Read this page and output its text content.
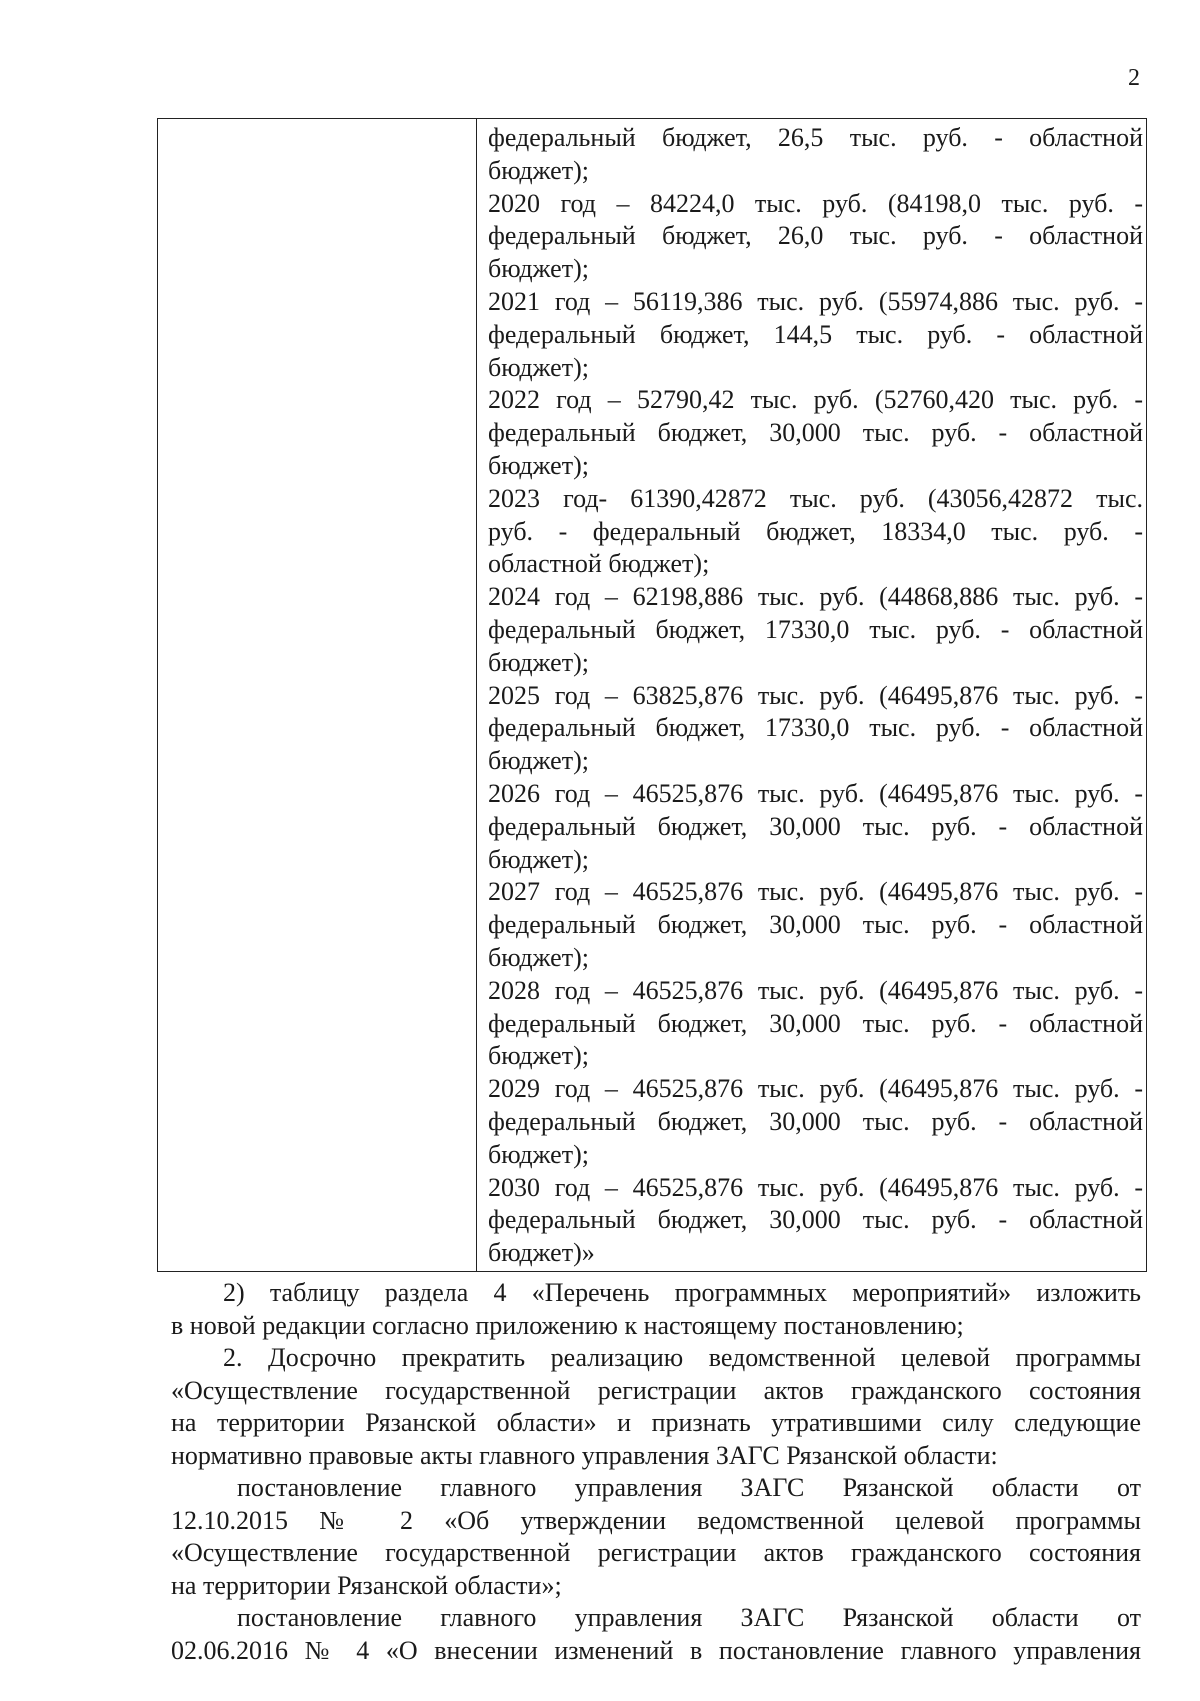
2
федеральный бюджет, 26,5 тыс. руб. - областной
бюджет);
2020 год – 84224,0 тыс. руб. (84198,0 тыс. руб. -
федеральный бюджет, 26,0 тыс. руб. - областной
бюджет);
2021 год – 56119,386 тыс. руб. (55974,886 тыс. руб. -
федеральный бюджет, 144,5 тыс. руб. - областной
бюджет);
2022 год – 52790,42 тыс. руб. (52760,420 тыс. руб. -
федеральный бюджет, 30,000 тыс. руб. - областной
бюджет);
2023 год- 61390,42872 тыс. руб. (43056,42872 тыс.
руб. - федеральный бюджет, 18334,0 тыс. руб. -
областной бюджет);
2024 год – 62198,886 тыс. руб. (44868,886 тыс. руб. -
федеральный бюджет, 17330,0 тыс. руб. - областной
бюджет);
2025 год – 63825,876 тыс. руб. (46495,876 тыс. руб. -
федеральный бюджет, 17330,0 тыс. руб. - областной
бюджет);
2026 год – 46525,876 тыс. руб. (46495,876 тыс. руб. -
федеральный бюджет, 30,000 тыс. руб. - областной
бюджет);
2027 год – 46525,876 тыс. руб. (46495,876 тыс. руб. -
федеральный бюджет, 30,000 тыс. руб. - областной
бюджет);
2028 год – 46525,876 тыс. руб. (46495,876 тыс. руб. -
федеральный бюджет, 30,000 тыс. руб. - областной
бюджет);
2029 год – 46525,876 тыс. руб. (46495,876 тыс. руб. -
федеральный бюджет, 30,000 тыс. руб. - областной
бюджет);
2030 год – 46525,876 тыс. руб. (46495,876 тыс. руб. -
федеральный бюджет, 30,000 тыс. руб. - областной
бюджет)»
2) таблицу раздела 4 «Перечень программных мероприятий» изложить
в новой редакции согласно приложению к настоящему постановлению;
2. Досрочно прекратить реализацию ведомственной целевой программы
«Осуществление государственной регистрации актов гражданского состояния
на территории Рязанской области» и признать утратившими силу следующие
нормативно правовые акты главного управления ЗАГС Рязанской области:
постановление главного управления ЗАГС Рязанской области от
12.10.2015 № 2 «Об утверждении ведомственной целевой программы
«Осуществление государственной регистрации актов гражданского состояния
на территории Рязанской области»;
постановление главного управления ЗАГС Рязанской области от
02.06.2016 № 4 «О внесении изменений в постановление главного управления
